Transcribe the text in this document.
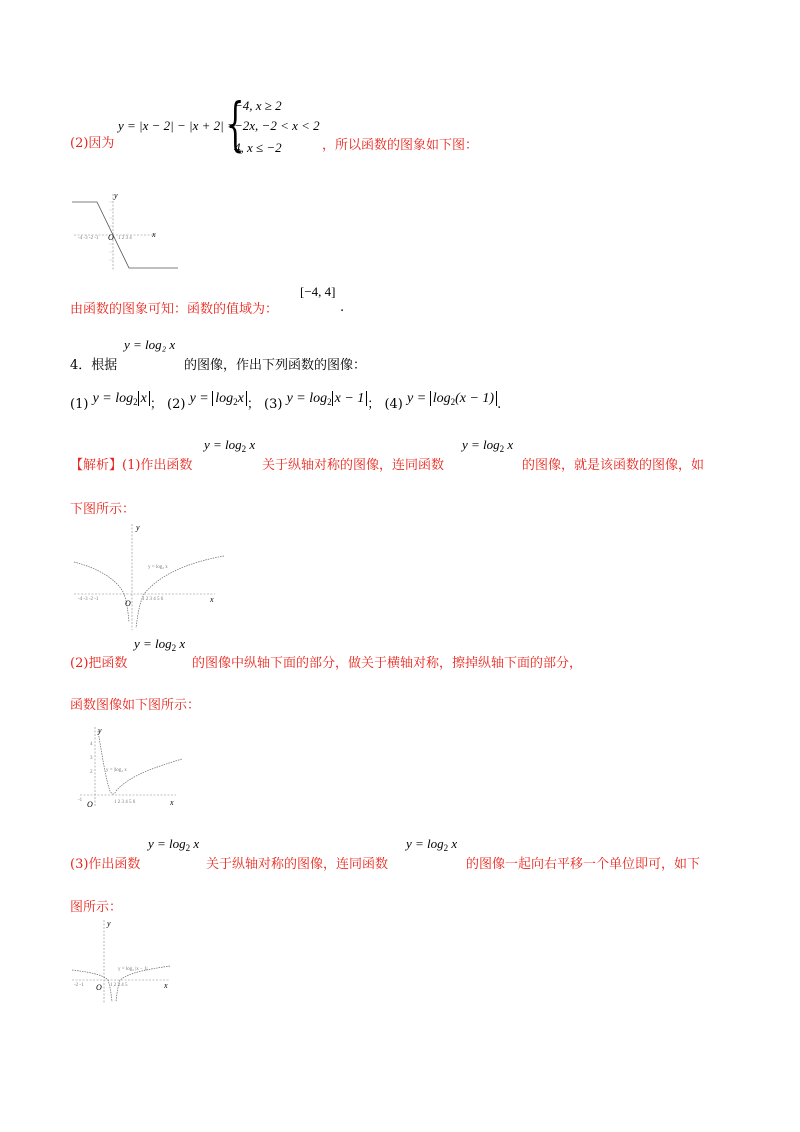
(2)因为
y = |x − 2| − |x + 2| =
{
−4, x ≥ 2
−2x, −2 < x < 2
4, x ≤ −2	，所以函数的图象如下图：
-4 -3 -2 -1	1 2 3 4	x
y
O
由函数的图象可知：函数的值域为：
[−4, 4]
.
4．根据
y = log₂ x
的图像，作出下列函数的图像：
(1) $y = \log_2 x$ ； (2) $y = \log_2x$ ； (3) $y = \log_2 x - 1$ ； (4) $y = \log_2(x - 1)$ .
【解析】(1)作出函数
$y = \log_2 x$
关于纵轴对称的图像，连同函数
$y = \log_2 x$
的图像，就是该函数的图像，如
下图所示：
-4 -3 -2 -1	1 2 3 4 5 6	x
y
O
y = log₂ x
(2)把函数
$y = \log_2 x$
的图像中纵轴下面的部分，做关于横轴对称，擦掉纵轴下面的部分，
函数图像如下图所示：
-1	1 2 3 4 5 6
4
3
2
x
y
O
y = |log₂ x
(3)作出函数
$y = \log_2 x$
关于纵轴对称的图像，连同函数
$y = \log_2 x$
的图像一起向右平移一个单位即可，如下
图所示：
-2 -1	1 2 3 4 5	x
y
O
y = log₂ |x − 1|
